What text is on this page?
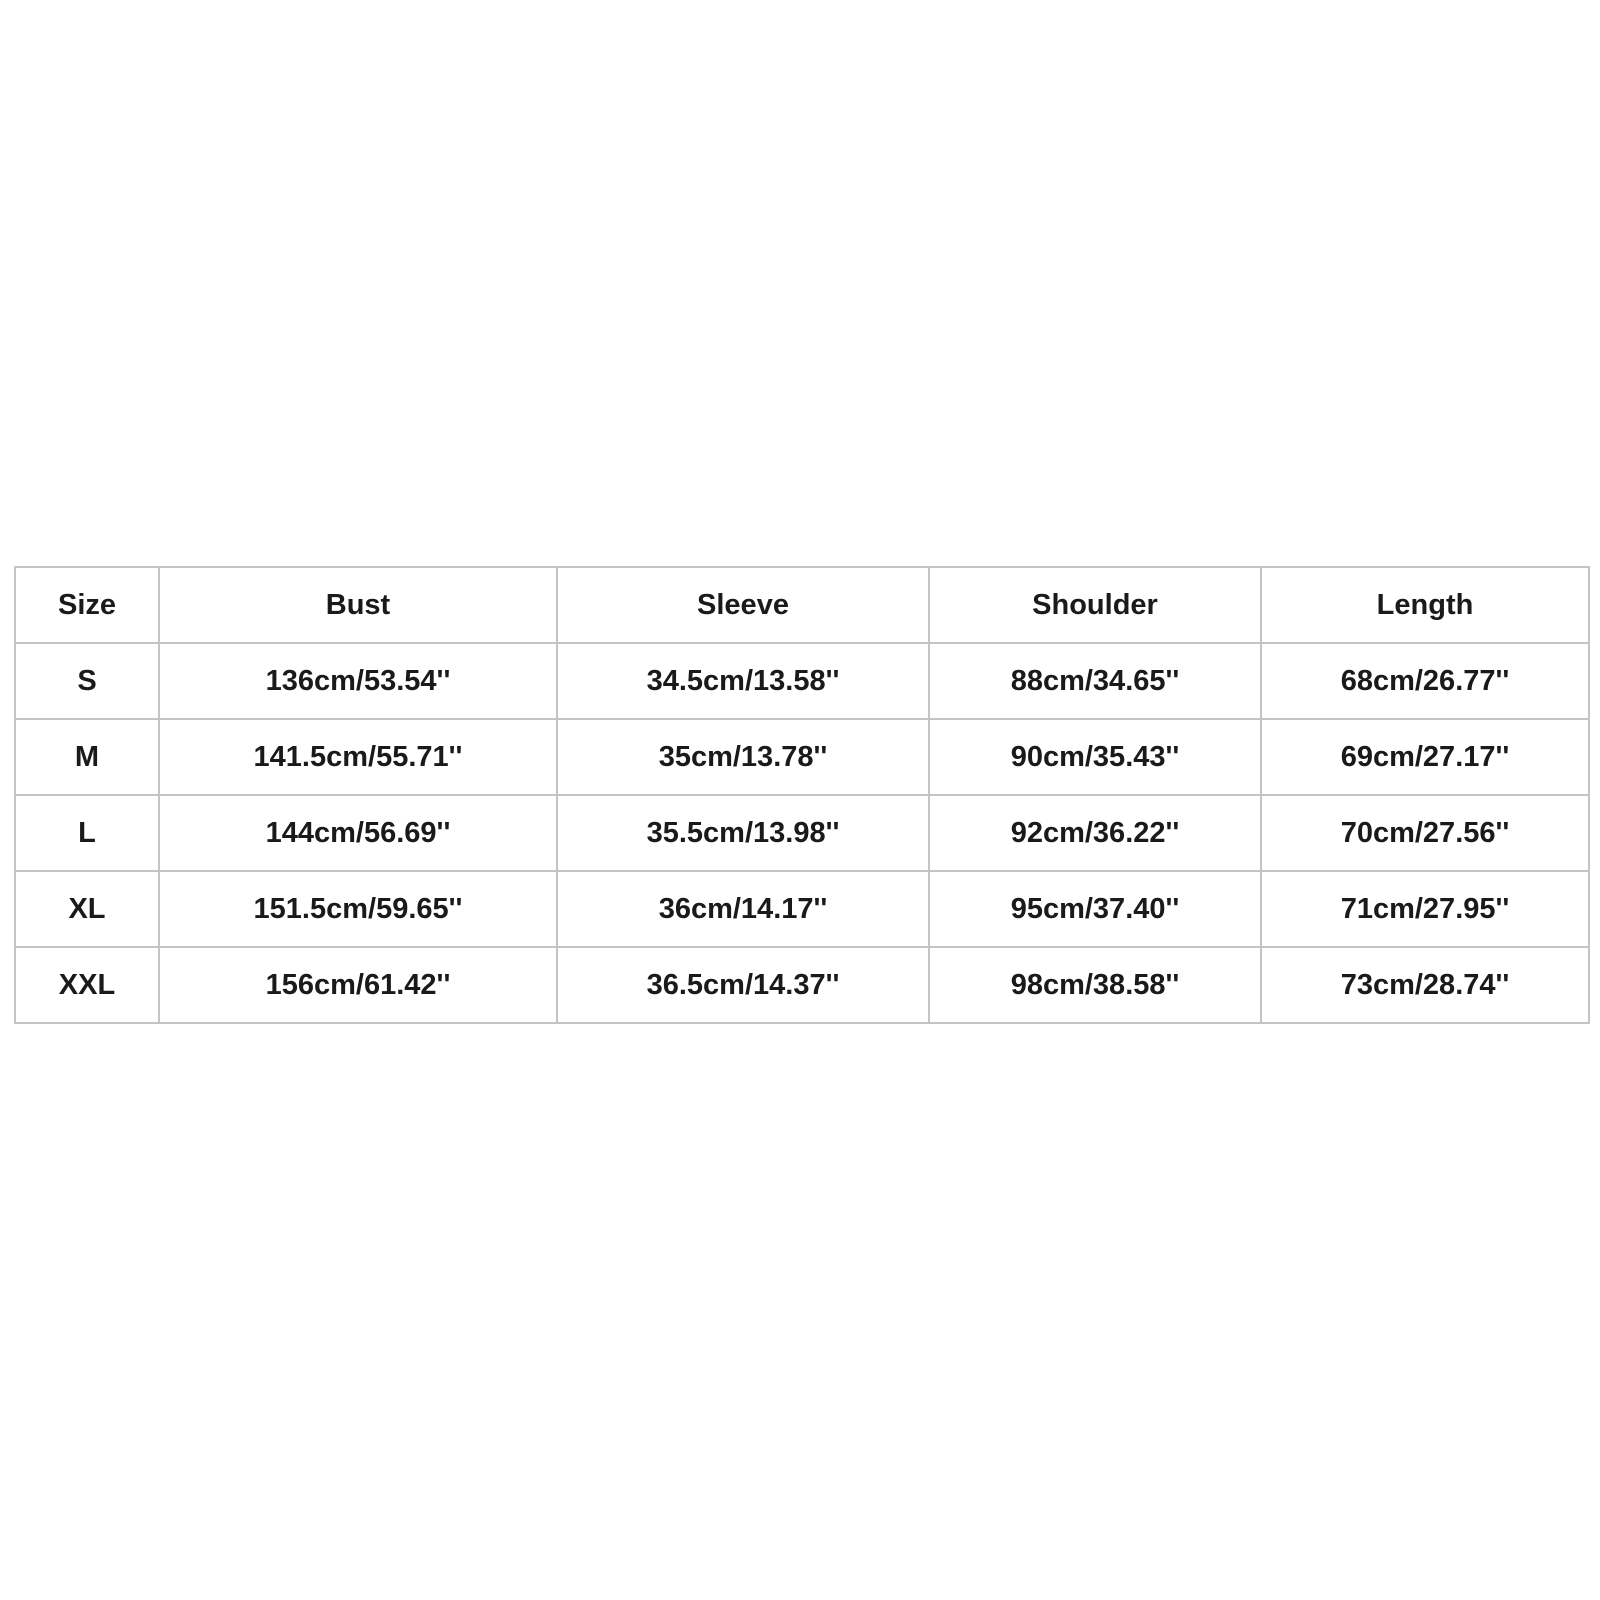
Size	Bust	Sleeve	Shoulder	Length
S	136cm/53.54''	34.5cm/13.58''	88cm/34.65''	68cm/26.77''
M	141.5cm/55.71''	35cm/13.78''	90cm/35.43''	69cm/27.17''
L	144cm/56.69''	35.5cm/13.98''	92cm/36.22''	70cm/27.56''
XL	151.5cm/59.65''	36cm/14.17''	95cm/37.40''	71cm/27.95''
XXL	156cm/61.42''	36.5cm/14.37''	98cm/38.58''	73cm/28.74''
